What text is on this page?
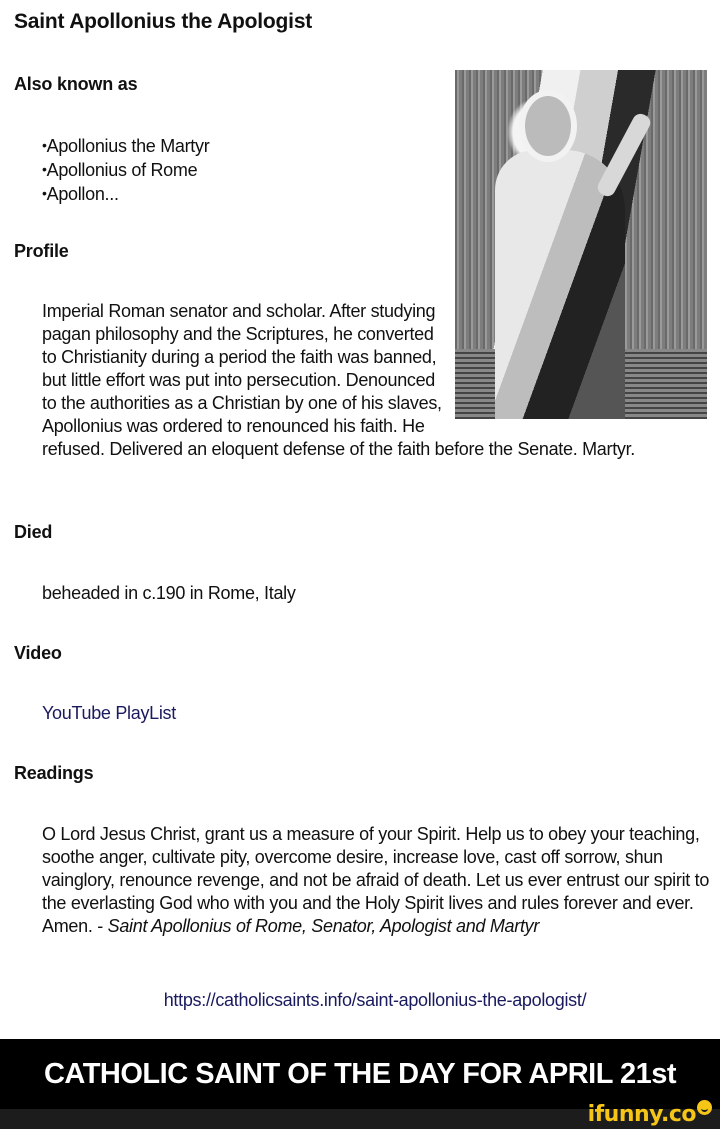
Saint Apollonius the Apologist
Also known as
• Apollonius the Martyr
• Apollonius of Rome
• Apollon...
Profile
Imperial Roman senator and scholar. After studying pagan philosophy and the Scriptures, he converted to Christianity during a period the faith was banned, but little effort was put into persecution. Denounced to the authorities as a Christian by one of his slaves, Apollonius was ordered to renounced his faith. He refused. Delivered an eloquent defense of the faith before the Senate. Martyr.
Died
beheaded in c.190 in Rome, Italy
Video
YouTube PlayList
Readings
O Lord Jesus Christ, grant us a measure of your Spirit. Help us to obey your teaching, soothe anger, cultivate pity, overcome desire, increase love, cast off sorrow, shun vainglory, renounce revenge, and not be afraid of death. Let us ever entrust our spirit to the everlasting God who with you and the Holy Spirit lives and rules forever and ever. Amen. - Saint Apollonius of Rome, Senator, Apologist and Martyr
https://catholicsaints.info/saint-apollonius-the-apologist/
CATHOLIC SAINT OF THE DAY FOR APRIL 21st
ifunny.co
